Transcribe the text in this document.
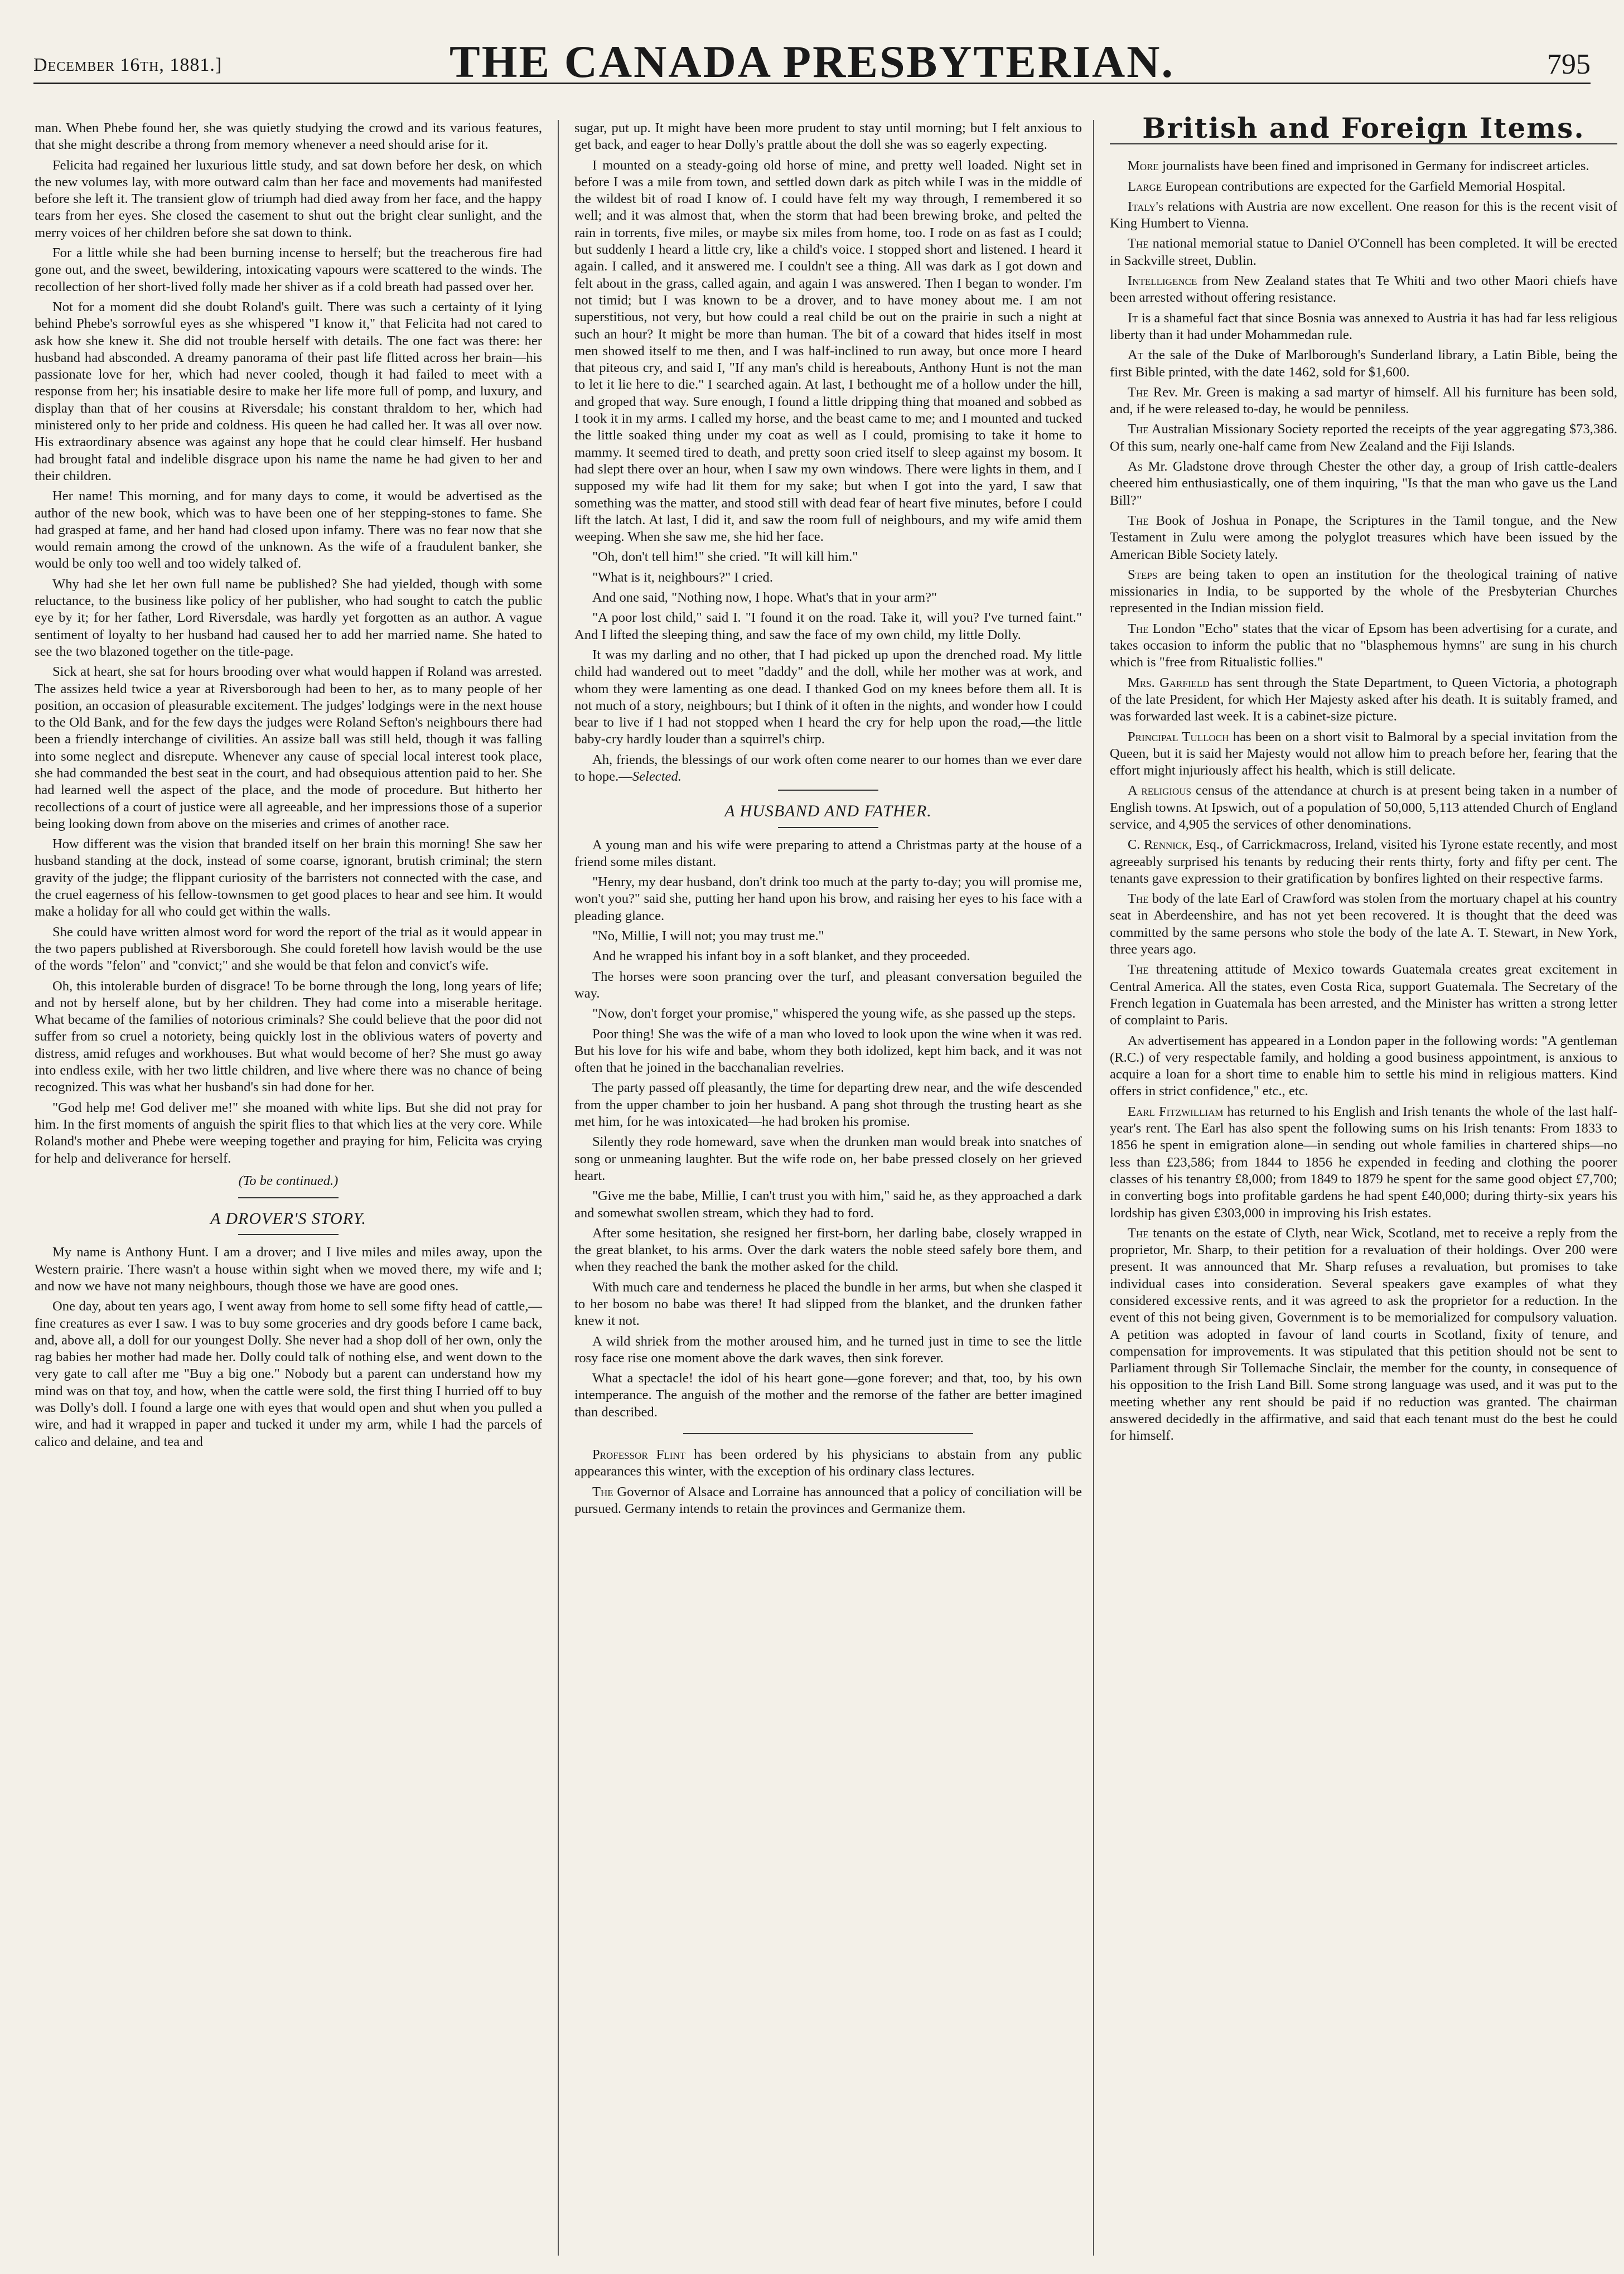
December 16th, 1881.]	THE CANADA PRESBYTERIAN.	795

man. When Phebe found her, she was quietly studying the crowd and its various features, that she might describe a throng from memory whenever a need should arise for it.

Felicita had regained her luxurious little study, and sat down before her desk, on which the new volumes lay, with more outward calm than her face and movements had manifested before she left it. The transient glow of triumph had died away from her face, and the happy tears from her eyes. She closed the casement to shut out the bright clear sunlight, and the merry voices of her children before she sat down to think.

For a little while she had been burning incense to herself; but the treacherous fire had gone out, and the sweet, bewildering, intoxicating vapours were scattered to the winds. The recollection of her short-lived folly made her shiver as if a cold breath had passed over her.

Not for a moment did she doubt Roland's guilt. There was such a certainty of it lying behind Phebe's sorrowful eyes as she whispered "I know it," that Felicita had not cared to ask how she knew it. She did not trouble herself with details. The one fact was there: her husband had absconded. A dreamy panorama of their past life flitted across her brain—his passionate love for her, which had never cooled, though it had failed to meet with a response from her; his insatiable desire to make her life more full of pomp, and luxury, and display than that of her cousins at Riversdale; his constant thraldom to her, which had ministered only to her pride and coldness. His queen he had called her. It was all over now. His extraordinary absence was against any hope that he could clear himself. Her husband had brought fatal and indelible disgrace upon his name the name he had given to her and their children.

Her name! This morning, and for many days to come, it would be advertised as the author of the new book, which was to have been one of her stepping-stones to fame. She had grasped at fame, and her hand had closed upon infamy. There was no fear now that she would remain among the crowd of the unknown. As the wife of a fraudulent banker, she would be only too well and too widely talked of.

Why had she let her own full name be published? She had yielded, though with some reluctance, to the business like policy of her publisher, who had sought to catch the public eye by it; for her father, Lord Riversdale, was hardly yet forgotten as an author. A vague sentiment of loyalty to her husband had caused her to add her married name. She hated to see the two blazoned together on the title-page.

Sick at heart, she sat for hours brooding over what would happen if Roland was arrested. The assizes held twice a year at Riversborough had been to her, as to many people of her position, an occasion of pleasurable excitement. The judges' lodgings were in the next house to the Old Bank, and for the few days the judges were Roland Sefton's neighbours there had been a friendly interchange of civilities. An assize ball was still held, though it was falling into some neglect and disrepute. Whenever any cause of special local interest took place, she had commanded the best seat in the court, and had obsequious attention paid to her. She had learned well the aspect of the place, and the mode of procedure. But hitherto her recollections of a court of justice were all agreeable, and her impressions those of a superior being looking down from above on the miseries and crimes of another race.

How different was the vision that branded itself on her brain this morning! She saw her husband standing at the dock, instead of some coarse, ignorant, brutish criminal; the stern gravity of the judge; the flippant curiosity of the barristers not connected with the case, and the cruel eagerness of his fellow-townsmen to get good places to hear and see him. It would make a holiday for all who could get within the walls.

She could have written almost word for word the report of the trial as it would appear in the two papers published at Riversborough. She could foretell how lavish would be the use of the words "felon" and "convict;" and she would be that felon and convict's wife.

Oh, this intolerable burden of disgrace! To be borne through the long, long years of life; and not by herself alone, but by her children. They had come into a miserable heritage. What became of the families of notorious criminals? She could believe that the poor did not suffer from so cruel a notoriety, being quickly lost in the oblivious waters of poverty and distress, amid refuges and workhouses. But what would become of her? She must go away into endless exile, with her two little children, and live where there was no chance of being recognized. This was what her husband's sin had done for her.

"God help me! God deliver me!" she moaned with white lips. But she did not pray for him. In the first moments of anguish the spirit flies to that which lies at the very core. While Roland's mother and Phebe were weeping together and praying for him, Felicita was crying for help and deliverance for herself.

(To be continued.)

A DROVER'S STORY.

My name is Anthony Hunt. I am a drover; and I live miles and miles away, upon the Western prairie. There wasn't a house within sight when we moved there, my wife and I; and now we have not many neighbours, though those we have are good ones.

One day, about ten years ago, I went away from home to sell some fifty head of cattle,—fine creatures as ever I saw. I was to buy some groceries and dry goods before I came back, and, above all, a doll for our youngest Dolly. She never had a shop doll of her own, only the rag babies her mother had made her. Dolly could talk of nothing else, and went down to the very gate to call after me "Buy a big one." Nobody but a parent can understand how my mind was on that toy, and how, when the cattle were sold, the first thing I hurried off to buy was Dolly's doll. I found a large one with eyes that would open and shut when you pulled a wire, and had it wrapped in paper and tucked it under my arm, while I had the parcels of calico and delaine, and tea and

sugar, put up. It might have been more prudent to stay until morning; but I felt anxious to get back, and eager to hear Dolly's prattle about the doll she was so eagerly expecting.

I mounted on a steady-going old horse of mine, and pretty well loaded. Night set in before I was a mile from town, and settled down dark as pitch while I was in the middle of the wildest bit of road I know of. I could have felt my way through, I remembered it so well; and it was almost that, when the storm that had been brewing broke, and pelted the rain in torrents, five miles, or maybe six miles from home, too. I rode on as fast as I could; but suddenly I heard a little cry, like a child's voice. I stopped short and listened. I heard it again. I called, and it answered me. I couldn't see a thing. All was dark as I got down and felt about in the grass, called again, and again I was answered. Then I began to wonder. I'm not timid; but I was known to be a drover, and to have money about me. I am not superstitious, not very, but how could a real child be out on the prairie in such a night at such an hour? It might be more than human. The bit of a coward that hides itself in most men showed itself to me then, and I was half-inclined to run away, but once more I heard that piteous cry, and said I, "If any man's child is hereabouts, Anthony Hunt is not the man to let it lie here to die." I searched again. At last, I bethought me of a hollow under the hill, and groped that way. Sure enough, I found a little dripping thing that moaned and sobbed as I took it in my arms. I called my horse, and the beast came to me; and I mounted and tucked the little soaked thing under my coat as well as I could, promising to take it home to mammy. It seemed tired to death, and pretty soon cried itself to sleep against my bosom. It had slept there over an hour, when I saw my own windows. There were lights in them, and I supposed my wife had lit them for my sake; but when I got into the yard, I saw that something was the matter, and stood still with dead fear of heart five minutes, before I could lift the latch. At last, I did it, and saw the room full of neighbours, and my wife amid them weeping. When she saw me, she hid her face.

"Oh, don't tell him!" she cried. "It will kill him."

"What is it, neighbours?" I cried.

And one said, "Nothing now, I hope. What's that in your arm?"

"A poor lost child," said I. "I found it on the road. Take it, will you? I've turned faint." And I lifted the sleeping thing, and saw the face of my own child, my little Dolly.

It was my darling and no other, that I had picked up upon the drenched road. My little child had wandered out to meet "daddy" and the doll, while her mother was at work, and whom they were lamenting as one dead. I thanked God on my knees before them all. It is not much of a story, neighbours; but I think of it often in the nights, and wonder how I could bear to live if I had not stopped when I heard the cry for help upon the road,—the little baby-cry hardly louder than a squirrel's chirp.

Ah, friends, the blessings of our work often come nearer to our homes than we ever dare to hope.—Selected.

A HUSBAND AND FATHER.

A young man and his wife were preparing to attend a Christmas party at the house of a friend some miles distant.

"Henry, my dear husband, don't drink too much at the party to-day; you will promise me, won't you?" said she, putting her hand upon his brow, and raising her eyes to his face with a pleading glance.

"No, Millie, I will not; you may trust me."

And he wrapped his infant boy in a soft blanket, and they proceeded.

The horses were soon prancing over the turf, and pleasant conversation beguiled the way.

"Now, don't forget your promise," whispered the young wife, as she passed up the steps.

Poor thing! She was the wife of a man who loved to look upon the wine when it was red. But his love for his wife and babe, whom they both idolized, kept him back, and it was not often that he joined in the bacchanalian revelries.

The party passed off pleasantly, the time for departing drew near, and the wife descended from the upper chamber to join her husband. A pang shot through the trusting heart as she met him, for he was intoxicated—he had broken his promise.

Silently they rode homeward, save when the drunken man would break into snatches of song or unmeaning laughter. But the wife rode on, her babe pressed closely on her grieved heart.

"Give me the babe, Millie, I can't trust you with him," said he, as they approached a dark and somewhat swollen stream, which they had to ford.

After some hesitation, she resigned her first-born, her darling babe, closely wrapped in the great blanket, to his arms. Over the dark waters the noble steed safely bore them, and when they reached the bank the mother asked for the child.

With much care and tenderness he placed the bundle in her arms, but when she clasped it to her bosom no babe was there! It had slipped from the blanket, and the drunken father knew it not.

A wild shriek from the mother aroused him, and he turned just in time to see the little rosy face rise one moment above the dark waves, then sink forever.

What a spectacle! the idol of his heart gone—gone forever; and that, too, by his own intemperance. The anguish of the mother and the remorse of the father are better imagined than described.

Professor Flint has been ordered by his physicians to abstain from any public appearances this winter, with the exception of his ordinary class lectures.

The Governor of Alsace and Lorraine has announced that a policy of conciliation will be pursued. Germany intends to retain the provinces and Germanize them.

British and Foreign Items.

More journalists have been fined and imprisoned in Germany for indiscreet articles.

Large European contributions are expected for the Garfield Memorial Hospital.

Italy's relations with Austria are now excellent. One reason for this is the recent visit of King Humbert to Vienna.

The national memorial statue to Daniel O'Connell has been completed. It will be erected in Sackville street, Dublin.

Intelligence from New Zealand states that Te Whiti and two other Maori chiefs have been arrested without offering resistance.

It is a shameful fact that since Bosnia was annexed to Austria it has had far less religious liberty than it had under Mohammedan rule.

At the sale of the Duke of Marlborough's Sunderland library, a Latin Bible, being the first Bible printed, with the date 1462, sold for $1,600.

The Rev. Mr. Green is making a sad martyr of himself. All his furniture has been sold, and, if he were released to-day, he would be penniless.

The Australian Missionary Society reported the receipts of the year aggregating $73,386. Of this sum, nearly one-half came from New Zealand and the Fiji Islands.

As Mr. Gladstone drove through Chester the other day, a group of Irish cattle-dealers cheered him enthusiastically, one of them inquiring, "Is that the man who gave us the Land Bill?"

The Book of Joshua in Ponape, the Scriptures in the Tamil tongue, and the New Testament in Zulu were among the polyglot treasures which have been issued by the American Bible Society lately.

Steps are being taken to open an institution for the theological training of native missionaries in India, to be supported by the whole of the Presbyterian Churches represented in the Indian mission field.

The London "Echo" states that the vicar of Epsom has been advertising for a curate, and takes occasion to inform the public that no "blasphemous hymns" are sung in his church which is "free from Ritualistic follies."

Mrs. Garfield has sent through the State Department, to Queen Victoria, a photograph of the late President, for which Her Majesty asked after his death. It is suitably framed, and was forwarded last week. It is a cabinet-size picture.

Principal Tulloch has been on a short visit to Balmoral by a special invitation from the Queen, but it is said her Majesty would not allow him to preach before her, fearing that the effort might injuriously affect his health, which is still delicate.

A religious census of the attendance at church is at present being taken in a number of English towns. At Ipswich, out of a population of 50,000, 5,113 attended Church of England service, and 4,905 the services of other denominations.

C. Rennick, Esq., of Carrickmacross, Ireland, visited his Tyrone estate recently, and most agreeably surprised his tenants by reducing their rents thirty, forty and fifty per cent. The tenants gave expression to their gratification by bonfires lighted on their respective farms.

The body of the late Earl of Crawford was stolen from the mortuary chapel at his country seat in Aberdeenshire, and has not yet been recovered. It is thought that the deed was committed by the same persons who stole the body of the late A. T. Stewart, in New York, three years ago.

The threatening attitude of Mexico towards Guatemala creates great excitement in Central America. All the states, even Costa Rica, support Guatemala. The Secretary of the French legation in Guatemala has been arrested, and the Minister has written a strong letter of complaint to Paris.

An advertisement has appeared in a London paper in the following words: "A gentleman (R.C.) of very respectable family, and holding a good business appointment, is anxious to acquire a loan for a short time to enable him to settle his mind in religious matters. Kind offers in strict confidence," etc., etc.

Earl Fitzwilliam has returned to his English and Irish tenants the whole of the last half-year's rent. The Earl has also spent the following sums on his Irish tenants: From 1833 to 1856 he spent in emigration alone—in sending out whole families in chartered ships—no less than £23,586; from 1844 to 1856 he expended in feeding and clothing the poorer classes of his tenantry £8,000; from 1849 to 1879 he spent for the same good object £7,700; in converting bogs into profitable gardens he had spent £40,000; during thirty-six years his lordship has given £303,000 in improving his Irish estates.

The tenants on the estate of Clyth, near Wick, Scotland, met to receive a reply from the proprietor, Mr. Sharp, to their petition for a revaluation of their holdings. Over 200 were present. It was announced that Mr. Sharp refuses a revaluation, but promises to take individual cases into consideration. Several speakers gave examples of what they considered excessive rents, and it was agreed to ask the proprietor for a reduction. In the event of this not being given, Government is to be memorialized for compulsory valuation. A petition was adopted in favour of land courts in Scotland, fixity of tenure, and compensation for improvements. It was stipulated that this petition should not be sent to Parliament through Sir Tollemache Sinclair, the member for the county, in consequence of his opposition to the Irish Land Bill. Some strong language was used, and it was put to the meeting whether any rent should be paid if no reduction was granted. The chairman answered decidedly in the affirmative, and said that each tenant must do the best he could for himself.
